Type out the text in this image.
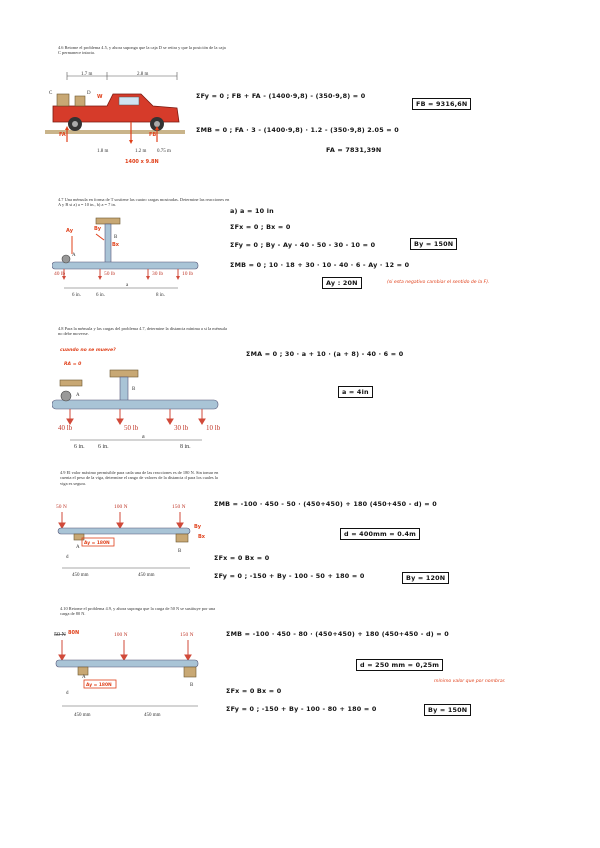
4.6 Retome el problema 4.5, y ahora suponga que la caja D se retira y que la posición de la caja C permanece intacta.
1.7 m	2.8 m
C	D
W
FA	FB
1400 x 9.8N
1.8 m	1.2 m 0.75 m
ΣFy = 0 ; FB + FA - (1400·9,8) - (350·9,8) = 0
FB = 9316,6N
ΣMB = 0 ; FA · 3 - (1400·9,8) · 1.2 - (350·9,8) 2.05 = 0
FA = 7831,39N
4.7 Una ménsula en forma de T sostiene las cuatro cargas mostradas. Determine las reacciones en A y B si a) a = 10 in., b) a = 7 in.
A
B
Ay	By
Bx
40 lb	50 lb	30 lb	10 lb
6 in.	6 in.
a
8 in.
a) a = 10 in
ΣFx = 0 ; Bx = 0
ΣFy = 0 ; By - Ay - 40 - 50 - 30 - 10 = 0	By = 150N
ΣMB = 0 ; 10 · 18 + 30 · 10 - 40 · 6 - Ay · 12 = 0
Ay : 20N	(si esta negativo cambiar el sentido de la F).
4.8 Para la ménsula y las cargas del problema 4.7, determine la distancia mínima a si la ménsula no debe moverse.
cuando no se mueve?
RA = 0
A
B
40 lb	50 lb	30 lb	10 lb
6 in. 6 in.
a
8 in.
ΣMA = 0 ; 30 · a + 10 · (a + 8) - 40 · 6 = 0
a = 4in
4.9 El valor máximo permisible para cada una de las reacciones es de 180 N. Sin tomar en cuenta el peso de la viga, determine el rango de valores de la distancia d para los cuales la viga es segura.
50 N	100 N	150 N
A
B
d
By
Bx
Ay = 180N
450 mm	450 mm
ΣMB = -100 · 450 - 50 · (450+450) + 180 (450+450 - d) = 0
d = 400mm = 0.4m
ΣFx = 0 Bx = 0
ΣFy = 0 ; -150 + By - 100 - 50 + 180 = 0	By = 120N
4.10 Retome el problema 4.9, y ahora suponga que la carga de 50 N se sustituye por una carga de 80 N.
50 N 80N	100 N	150 N
A
B
d
Ay = 180N
450 mm	450 mm
ΣMB = -100 · 450 - 80 · (450+450) + 180 (450+450 - d) = 0
d = 250 mm = 0,25m
mínimo valor que por nombrar.
ΣFx = 0 Bx = 0
ΣFy = 0 ; -150 + By - 100 - 80 + 180 = 0	By = 150N
